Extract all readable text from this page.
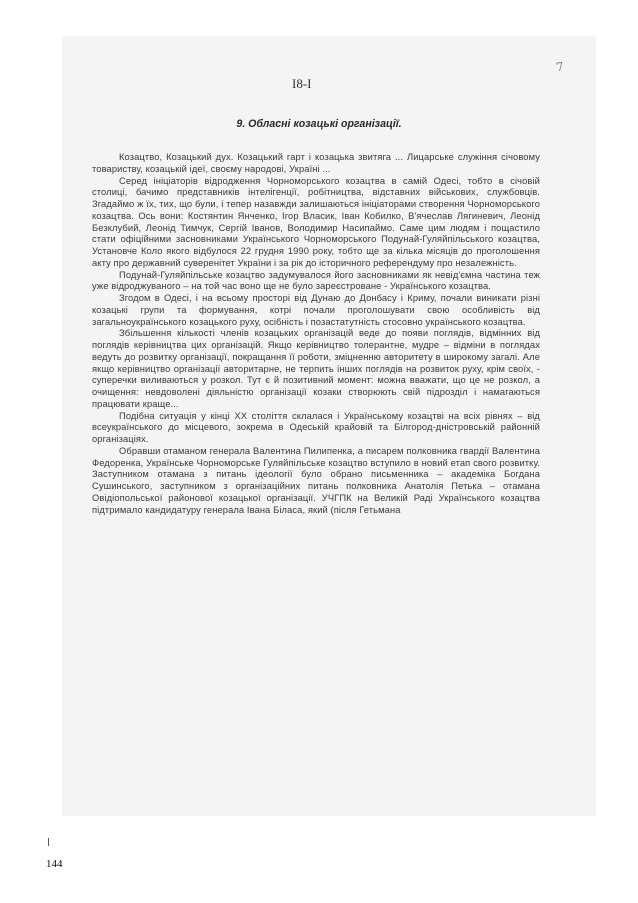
7
І8-І
9. Обласні козацькі організації.

Козацтво, Козацький дух. Козацький гарт і козацька звитяга ... Лицарське служіння січовому товариству, козацькій ідеї, своєму народові, Україні ...

Серед ініціаторів відродження Чорноморського козацтва в самій Одесі, тобто в січовій столиці, бачимо представників інтелігенції, робітництва, відставних військових, службовців. Згадаймо ж їх, тих, що були, і тепер назавжди залишаються ініціаторами створення Чорноморського козацтва. Ось вони: Костянтин Янченко, Ігор Власик, Іван Кобилко, В'ячеслав Лягиневич, Леонід Безклубий, Леонід Тимчук, Сергій Іванов, Володимир Насипаймо. Саме цим людям і пощастило стати офіційними засновниками Українського Чорноморського Подунай-Гуляйпільського козацтва, Установче Коло якого відбулося 22 грудня 1990 року, тобто ще за кілька місяців до проголошення акту про державний суверенітет України і за рік до історичного референдуму про незалежність.

Подунай-Гуляйпільське козацтво задумувалося його засновниками як невід'ємна частина теж уже відроджуваного – на той час воно ще не було зареєстроване - Українського козацтва.

Згодом в Одесі, і на всьому просторі від Дунаю до Донбасу і Криму, почали виникати різні козацькі групи та формування, котрі почали проголошувати свою особливість від загальноукраїнського козацького руху, осібність і позастатутність стосовно українського козацтва.

Збільшення кількості членів козацьких організацій веде до появи поглядів, відмінних від поглядів керівництва цих організацій. Якщо керівництво толерантне, мудре – відміни в поглядах ведуть до розвитку організації, покращання її роботи, зміцненню авторитету в широкому загалі. Але якщо керівництво організації авторитарне, не терпить інших поглядів на розвиток руху, крім своїх, - суперечки виливаються у розкол. Тут є й позитивний момент: можна вважати, що це не розкол, а очищення: невдоволені діяльністю організації козаки створюють свій підрозділ і намагаються працювати краще...

Подібна ситуація у кінці XX століття склалася і Українському козацтві на всіх рівнях – від всеукраїнського до місцевого, зокрема в Одеській крайовій та Білгород-дністровській районній організаціях.

Обравши отаманом генерала Валентина Пилипенка, а писарем полковника гвардії Валентина Федоренка, Українське Чорноморське Гуляйпільське козацтво вступило в новий етап свого розвитку. Заступником отамана з питань ідеології було обрано письменника – академіка Богдана Сушинського, заступником з організаційних питань полковника Анатолія Петька – отамана Овідіопольської районової козацької організації. УЧГПК на Великій Раді Українського козацтва підтримало кандидатуру генерала Івана Біласа, який (після Гетьмана

144
